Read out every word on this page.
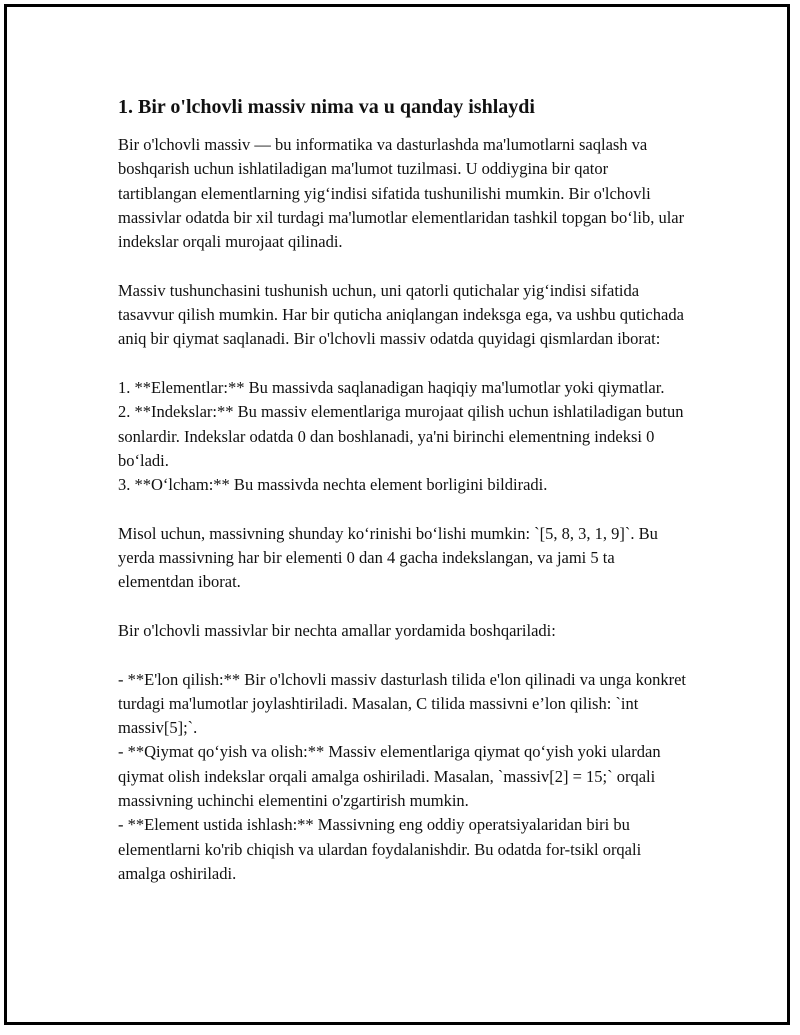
1. Bir o'lchovli massiv nima va u qanday ishlaydi

Bir o'lchovli massiv — bu informatika va dasturlashda ma'lumotlarni saqlash va boshqarish uchun ishlatiladigan ma'lumot tuzilmasi. U oddiygina bir qator tartiblangan elementlarning yig‘indisi sifatida tushunilishi mumkin. Bir o'lchovli massivlar odatda bir xil turdagi ma'lumotlar elementlaridan tashkil topgan bo‘lib, ular indekslar orqali murojaat qilinadi.

Massiv tushunchasini tushunish uchun, uni qatorli qutichalar yig‘indisi sifatida tasavvur qilish mumkin. Har bir quticha aniqlangan indeksga ega, va ushbu qutichada aniq bir qiymat saqlanadi. Bir o'lchovli massiv odatda quyidagi qismlardan iborat:

1. **Elementlar:** Bu massivda saqlanadigan haqiqiy ma'lumotlar yoki qiymatlar.

2. **Indekslar:** Bu massiv elementlariga murojaat qilish uchun ishlatiladigan butun sonlardir. Indekslar odatda 0 dan boshlanadi, ya'ni birinchi elementning indeksi 0 bo‘ladi.

3. **O‘lcham:** Bu massivda nechta element borligini bildiradi.

Misol uchun, massivning shunday ko‘rinishi bo‘lishi mumkin: `[5, 8, 3, 1, 9]`. Bu yerda massivning har bir elementi 0 dan 4 gacha indekslangan, va jami 5 ta elementdan iborat.

Bir o'lchovli massivlar bir nechta amallar yordamida boshqariladi:

- **E'lon qilish:** Bir o'lchovli massiv dasturlash tilida e'lon qilinadi va unga konkret turdagi ma'lumotlar joylashtiriladi. Masalan, C tilida massivni e’lon qilish: `int massiv[5];`.

- **Qiymat qo‘yish va olish:** Massiv elementlariga qiymat qo‘yish yoki ulardan qiymat olish indekslar orqali amalga oshiriladi. Masalan, `massiv[2] = 15;` orqali massivning uchinchi elementini o'zgartirish mumkin.

- **Element ustida ishlash:** Massivning eng oddiy operatsiyalaridan biri bu elementlarni ko'rib chiqish va ulardan foydalanishdir. Bu odatda for-tsikl orqali amalga oshiriladi.
